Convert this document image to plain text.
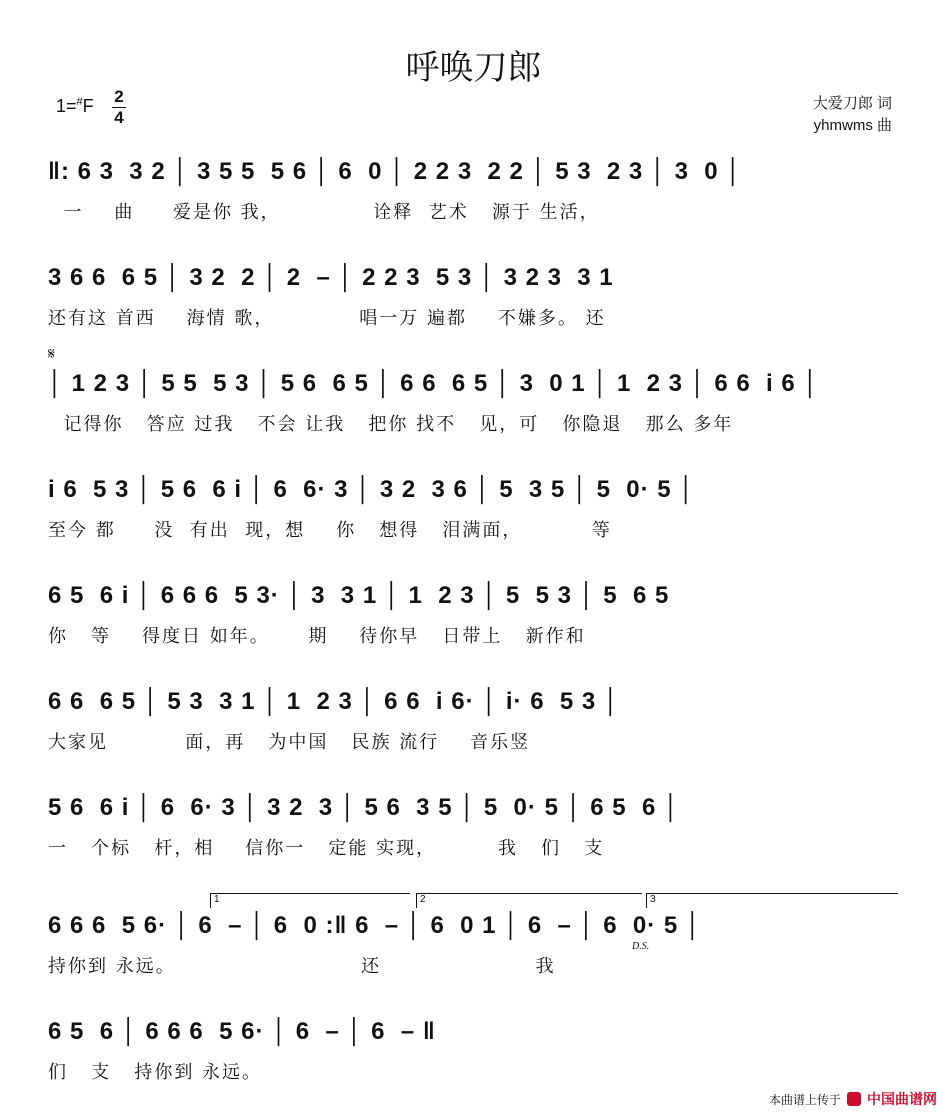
呼唤刀郎
1=#F 2
4
大爱刀郎 词
yhmwms 曲
‖: 6 3  3 2 │ 3 5 5  5 6 │ 6  0 │ 2 2 3  2 2 │ 5 3  2 3 │ 3  0 │
一    曲     爱是你 我，            诠释  艺术   源于 生活，
3 6 6  6 5 │ 3 2  2 │ 2  – │ 2 2 3  5 3 │ 3 2 3  3 1
还有这 首西    海情 歌，           唱一万 遍都    不嫌多。 还
𝄋
│ 1 2 3 │ 5 5  5 3 │ 5 6  6 5 │ 6 6  6 5 │ 3  0 1 │ 1  2 3 │ 6 6  i 6 │
记得你   答应 过我   不会 让我   把你 找不   见，可   你隐退   那么 多年
i 6  5 3 │ 5 6  6 i │ 6  6· 3 │ 3 2  3 6 │ 5  3 5 │ 5  0· 5 │
至今 都     没  有出  现，想    你   想得   泪满面，         等
6 5  6 i │ 6 6 6  5 3· │ 3  3 1 │ 1  2 3 │ 5  5 3 │ 5  6 5
你   等    得度日 如年。     期    待你早   日带上   新作和
6 6  6 5 │ 5 3  3 1 │ 1  2 3 │ 6 6  i 6· │ i· 6  5 3 │
大家见          面，再   为中国   民族 流行    音乐竖
5 6  6 i │ 6  6· 3 │ 3 2  3 │ 5 6  3 5 │ 5  0· 5 │ 6 5  6 │
一   个标   杆，相    信你一   定能 实现，        我   们   支
1	2	3
6 6 6  5 6· │ 6  – │ 6  0 :‖ 6  – │ 6  0 1 │ 6  – │ 6  0· 5 │
D.S.
持你到 永远。                        还                    我
6 5  6 │ 6 6 6  5 6· │ 6  – │ 6  – ‖
们   支   持你到 永远。
本曲谱上传于 中国曲谱网
